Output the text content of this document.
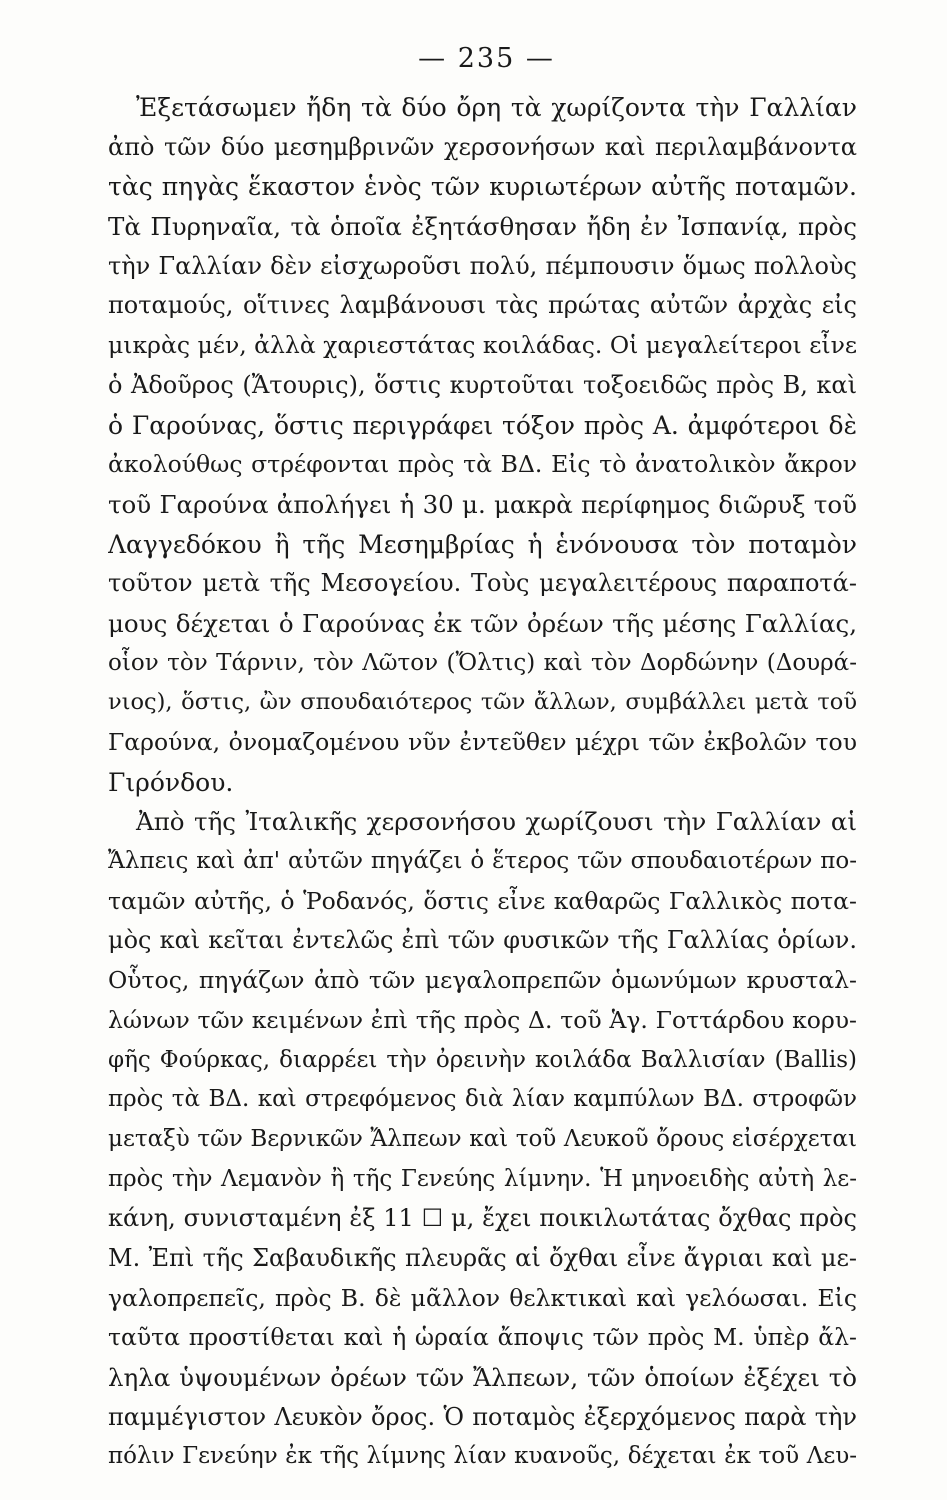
— 235 —
Ἐξετάσωμεν ἤδη τὰ δύο ὄρη τὰ χωρίζοντα τὴν Γαλλίαν
ἀπὸ τῶν δύο μεσημβρινῶν χερσονήσων καὶ περιλαμβάνοντα
τὰς πηγὰς ἕκαστον ἑνὸς τῶν κυριωτέρων αὐτῆς ποταμῶν.
Τὰ Πυρηναῖα, τὰ ὁποῖα ἐξητάσθησαν ἤδη ἐν Ἰσπανίᾳ, πρὸς
τὴν Γαλλίαν δὲν εἰσχωροῦσι πολύ, πέμπουσιν ὅμως πολλοὺς
ποταμούς, οἵτινες λαμβάνουσι τὰς πρώτας αὐτῶν ἀρχὰς εἰς
μικρὰς μέν, ἀλλὰ χαριεστάτας κοιλάδας. Οἱ μεγαλείτεροι εἶνε
ὁ Ἀδοῦρος (Ἄτουρις), ὅστις κυρτοῦται τοξοειδῶς πρὸς Β, καὶ
ὁ Γαρούνας, ὅστις περιγράφει τόξον πρὸς Α. ἀμφότεροι δὲ
ἀκολούθως στρέφονται πρὸς τὰ ΒΔ. Εἰς τὸ ἀνατολικὸν ἄκρον
τοῦ Γαρούνα ἀπολήγει ἡ 30 μ. μακρὰ περίφημος διῶρυξ τοῦ
Λαγγεδόκου ἢ τῆς Μεσημβρίας ἡ ἑνόνουσα τὸν ποταμὸν
τοῦτον μετὰ τῆς Μεσογείου. Τοὺς μεγαλειτέρους παραποτά-
μους δέχεται ὁ Γαρούνας ἐκ τῶν ὀρέων τῆς μέσης Γαλλίας,
οἷον τὸν Τάρνιν, τὸν Λῶτον (Ὄλτις) καὶ τὸν Δορδώνην (Δουρά-
νιος), ὅστις, ὢν σπουδαιότερος τῶν ἄλλων, συμβάλλει μετὰ τοῦ
Γαρούνα, ὀνομαζομένου νῦν ἐντεῦθεν μέχρι τῶν ἐκβολῶν του
Γιρόνδου.
Ἀπὸ τῆς Ἰταλικῆς χερσονήσου χωρίζουσι τὴν Γαλλίαν αἱ
Ἄλπεις καὶ ἀπ' αὐτῶν πηγάζει ὁ ἕτερος τῶν σπουδαιοτέρων πο-
ταμῶν αὐτῆς, ὁ Ῥοδανός, ὅστις εἶνε καθαρῶς Γαλλικὸς ποτα-
μὸς καὶ κεῖται ἐντελῶς ἐπὶ τῶν φυσικῶν τῆς Γαλλίας ὁρίων.
Οὗτος, πηγάζων ἀπὸ τῶν μεγαλοπρεπῶν ὁμωνύμων κρυσταλ-
λώνων τῶν κειμένων ἐπὶ τῆς πρὸς Δ. τοῦ Ἁγ. Γοττάρδου κορυ-
φῆς Φούρκας, διαρρέει τὴν ὀρεινὴν κοιλάδα Βαλλισίαν (Ballis)
πρὸς τὰ ΒΔ. καὶ στρεφόμενος διὰ λίαν καμπύλων ΒΔ. στροφῶν
μεταξὺ τῶν Βερνικῶν Ἄλπεων καὶ τοῦ Λευκοῦ ὄρους εἰσέρχεται
πρὸς τὴν Λεμανὸν ἢ τῆς Γενεύης λίμνην. Ἡ μηνοειδὴς αὐτὴ λε-
κάνη, συνισταμένη ἐξ 11 ☐ μ, ἔχει ποικιλωτάτας ὄχθας πρὸς
Μ. Ἐπὶ τῆς Σαβαυδικῆς πλευρᾶς αἱ ὄχθαι εἶνε ἄγριαι καὶ με-
γαλοπρεπεῖς, πρὸς Β. δὲ μᾶλλον θελκτικαὶ καὶ γελόωσαι. Εἰς
ταῦτα προστίθεται καὶ ἡ ὡραία ἄποψις τῶν πρὸς Μ. ὑπὲρ ἄλ-
ληλα ὑψουμένων ὀρέων τῶν Ἄλπεων, τῶν ὁποίων ἐξέχει τὸ
παμμέγιστον Λευκὸν ὄρος. Ὁ ποταμὸς ἐξερχόμενος παρὰ τὴν
πόλιν Γενεύην ἐκ τῆς λίμνης λίαν κυανοῦς, δέχεται ἐκ τοῦ Λευ-
